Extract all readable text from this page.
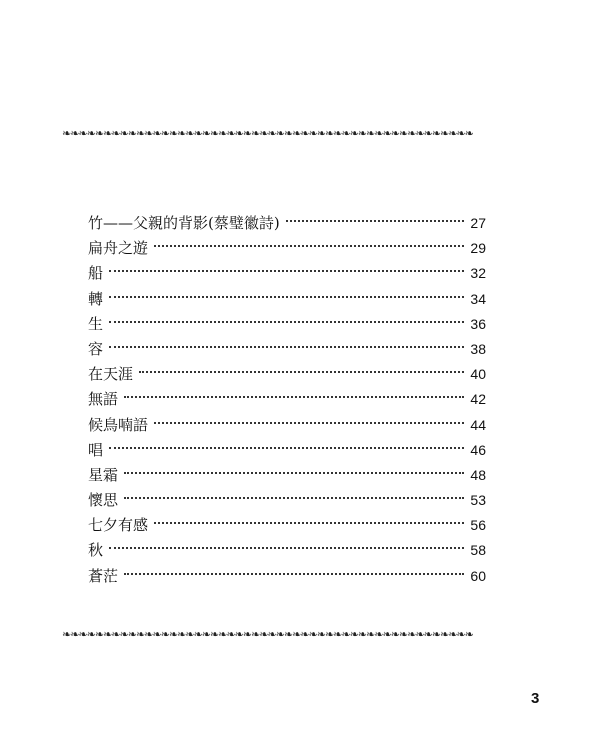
❧❧❧❧❧❧❧❧❧❧❧❧❧❧❧❧❧❧❧❧❧❧❧❧❧❧❧❧❧❧❧❧❧❧❧❧❧❧❧❧❧❧❧❧❧❧❧❧❧❧
竹——父親的背影(蔡璧徽詩)	27
扁舟之遊	29
船	32
轉	34
生	36
容	38
在天涯	40
無語	42
候鳥喃語	44
唱	46
星霜	48
懷思	53
七夕有感	56
秋	58
蒼茫	60
❧❧❧❧❧❧❧❧❧❧❧❧❧❧❧❧❧❧❧❧❧❧❧❧❧❧❧❧❧❧❧❧❧❧❧❧❧❧❧❧❧❧❧❧❧❧❧❧❧❧
3
